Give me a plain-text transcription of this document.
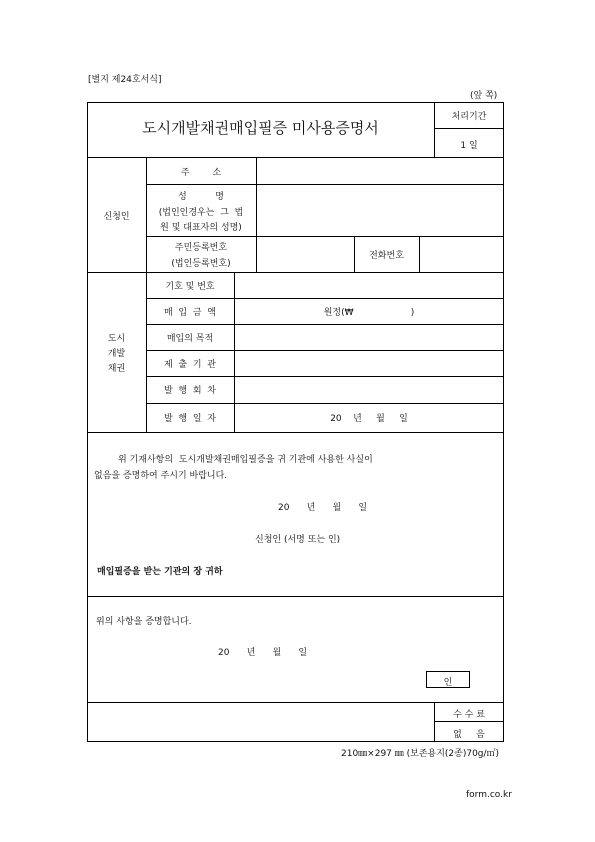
[별지 제24호서식]
(앞 쪽)
도시개발채권매입필증 미사용증명서
처리기간
1 일
신청인
주        소
성          명
(법인인경우는  그  법
원 및 대표자의 성명)
주민등록번호
(법인등록번호)
전화번호
도시
개발
채권
기호 및 번호
매  입  금  액
매입의 목적
제  출  기  관
발  행  회  차
발  행  일  자
원정(₩                    )
20    년     월     일
위 기재사항의  도시개발채권매입필증을 귀 기관에 사용한 사실이
없음을 증명하여 주시기 바랍니다.
20      년      월      일
신청인 (서명 또는 인)
매입필증을 받는 기관의 장 귀하
위의 사항을 증명합니다.
20      년      월      일
인
수 수 료
없     음
210㎜×297 ㎜ (보존용지(2종)70g/㎡)
form.co.kr
